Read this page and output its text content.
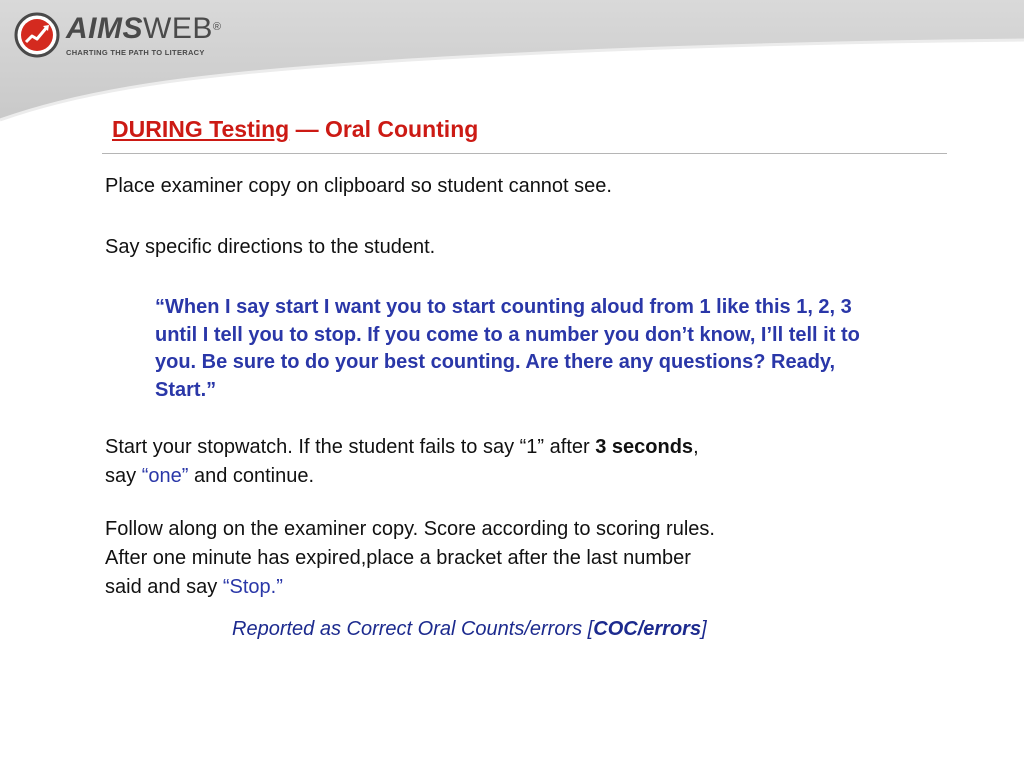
AIMSWEB®
CHARTING THE PATH TO LITERACY
DURING Testing — Oral Counting

Place examiner copy on clipboard so student cannot see.

Say specific directions to the student.

“When I say start I want you to start counting aloud from 1 like this 1, 2, 3 until I tell you to stop. If you come to a number you don’t know, I’ll tell it to you. Be sure to do your best counting. Are there any questions? Ready, Start.”

Start your stopwatch. If the student fails to say “1” after 3 seconds,
say “one” and continue.

Follow along on the examiner copy. Score according to scoring rules.
After one minute has expired,place a bracket after the last number
said and say “Stop.”

Reported as Correct Oral Counts/errors [COC/errors]
